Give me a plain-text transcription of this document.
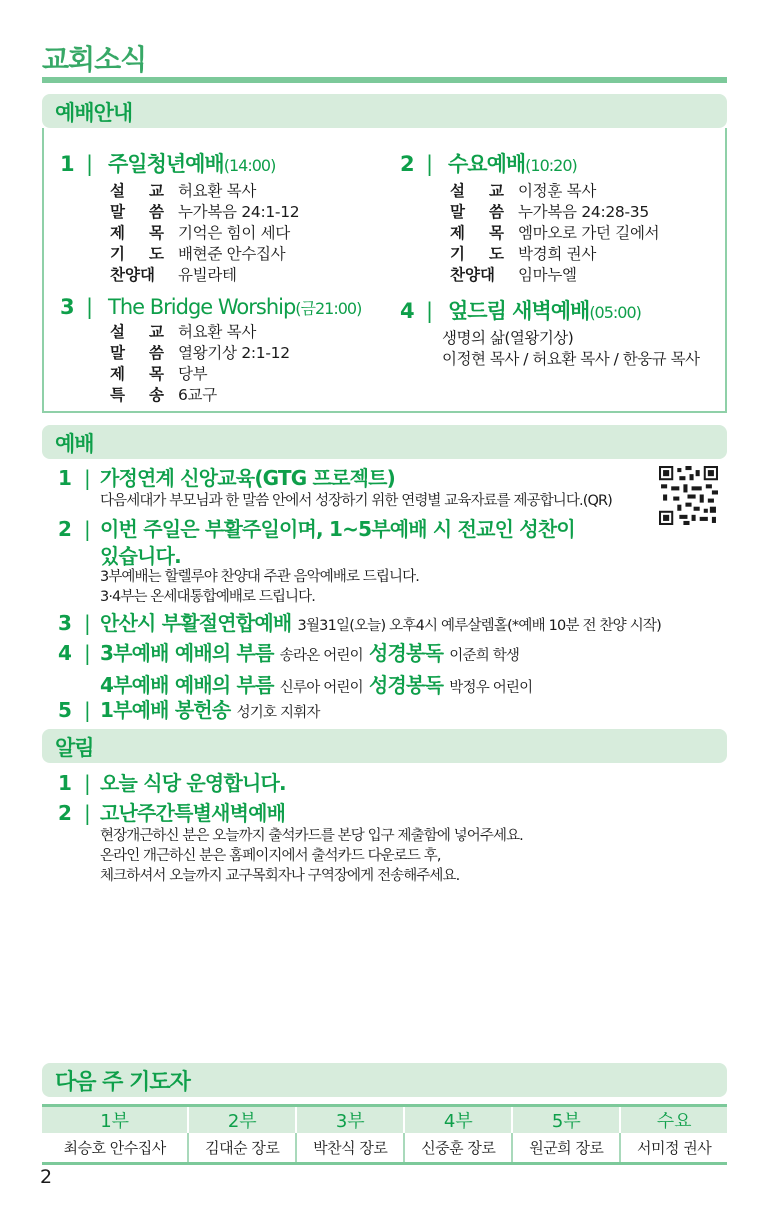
교회소식
예배안내
1 | 주일청년예배(14:00)
설 교 허요환 목사
말 씀 누가복음 24:1-12
제 목 기억은 힘이 세다
기 도 배현준 안수집사
찬양대 유빌라테
2 | 수요예배(10:20)
설 교 이정훈 목사
말 씀 누가복음 24:28-35
제 목 엠마오로 가던 길에서
기 도 박경희 권사
찬양대 임마누엘
3 | The Bridge Worship(금21:00)
설 교 허요환 목사
말 씀 열왕기상 2:1-12
제 목 당부
특 송 6교구
4 | 엎드림 새벽예배(05:00)
생명의 삶(열왕기상)
이정현 목사 / 허요환 목사 / 한웅규 목사
예배
1 | 가정연계 신앙교육(GTG 프로젝트)
다음세대가 부모님과 한 말씀 안에서 성장하기 위한 연령별 교육자료를 제공합니다.(QR)
2 | 이번 주일은 부활주일이며, 1~5부예배 시 전교인 성찬이
있습니다.
3부예배는 할렐루야 찬양대 주관 음악예배로 드립니다.
3·4부는 온세대통합예배로 드립니다.
3 | 안산시 부활절연합예배 3월31일(오늘) 오후4시 예루살렘홀(*예배 10분 전 찬양 시작)
4 | 3부예배 예배의 부름 송라온 어린이 성경봉독 이준희 학생
4부예배 예배의 부름 신루아 어린이 성경봉독 박정우 어린이
5 | 1부예배 봉헌송 성기호 지휘자
알림
1 | 오늘 식당 운영합니다.
2 | 고난주간특별새벽예배
현장개근하신 분은 오늘까지 출석카드를 본당 입구 제출함에 넣어주세요.
온라인 개근하신 분은 홈페이지에서 출석카드 다운로드 후,
체크하셔서 오늘까지 교구목회자나 구역장에게 전송해주세요.
다음 주 기도자
1부	2부	3부	4부	5부	수요
최승호 안수집사	김대순 장로	박찬식 장로	신중훈 장로	원군희 장로	서미정 권사
2
